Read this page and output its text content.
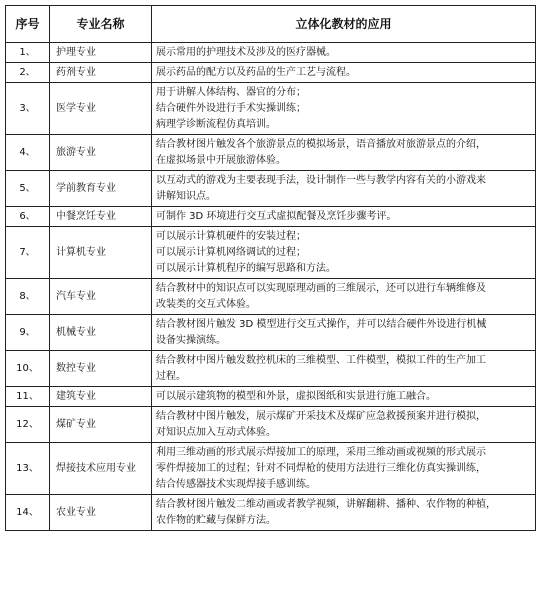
序号	专业名称	立体化教材的应用
1、	护理专业	展示常用的护理技术及涉及的医疗器械。

2、	药剂专业	展示药品的配方以及药品的生产工艺与流程。

3、	医学专业	用于讲解人体结构、器官的分布；
结合硬件外设进行手术实操训练；
病理学诊断流程仿真培训。

4、	旅游专业	结合教材图片触发各个旅游景点的模拟场景，语音播放对旅游景点的介绍，
在虚拟场景中开展旅游体验。

5、	学前教育专业	以互动式的游戏为主要表现手法，设计制作一些与教学内容有关的小游戏来
讲解知识点。

6、	中餐烹饪专业	可制作 3D 环境进行交互式虚拟配餐及烹饪步骤考评。

7、	计算机专业	可以展示计算机硬件的安装过程；
可以展示计算机网络调试的过程；
可以展示计算机程序的编写思路和方法。

8、	汽车专业	结合教材中的知识点可以实现原理动画的三维展示，还可以进行车辆维修及
改装类的交互式体验。

9、	机械专业	结合教材图片触发 3D 模型进行交互式操作，并可以结合硬件外设进行机械
设备实操演练。

10、	数控专业	结合教材中图片触发数控机床的三维模型、工件模型，模拟工件的生产加工
过程。

11、	建筑专业	可以展示建筑物的模型和外景，虚拟图纸和实景进行施工融合。

12、	煤矿专业	结合教材中图片触发，展示煤矿开采技术及煤矿应急救援预案并进行模拟，
对知识点加入互动式体验。

13、	焊接技术应用专业	利用三维动画的形式展示焊接加工的原理，采用三维动画或视频的形式展示
零件焊接加工的过程；针对不同焊枪的使用方法进行三维化仿真实操训练，
结合传感器技术实现焊接手感训练。

14、	农业专业	结合教材图片触发二维动画或者教学视频，讲解翻耕、播种、农作物的种植，
农作物的贮藏与保鲜方法。
